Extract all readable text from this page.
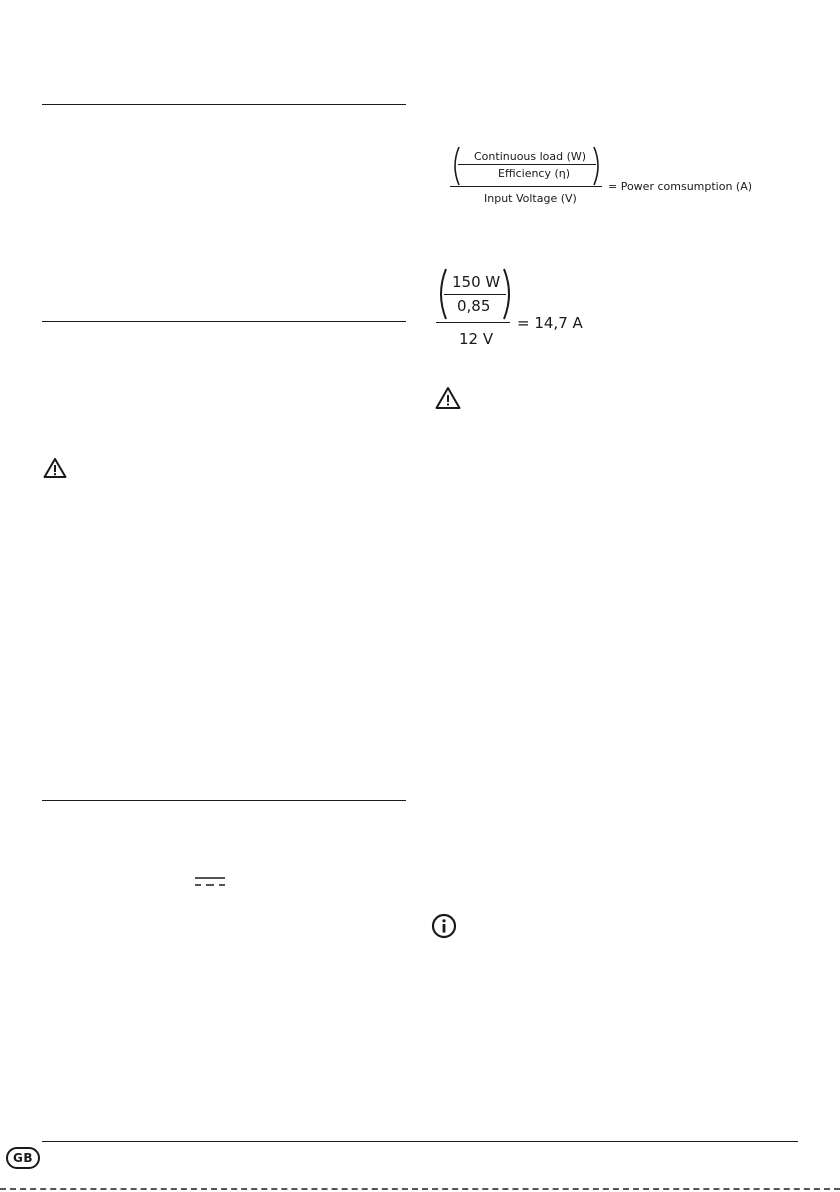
Continuous load (W)
Efficiency (η)
= Power comsumption (A)
Input Voltage (V)
150 W
0,85
= 14,7 A
12 V
GB
